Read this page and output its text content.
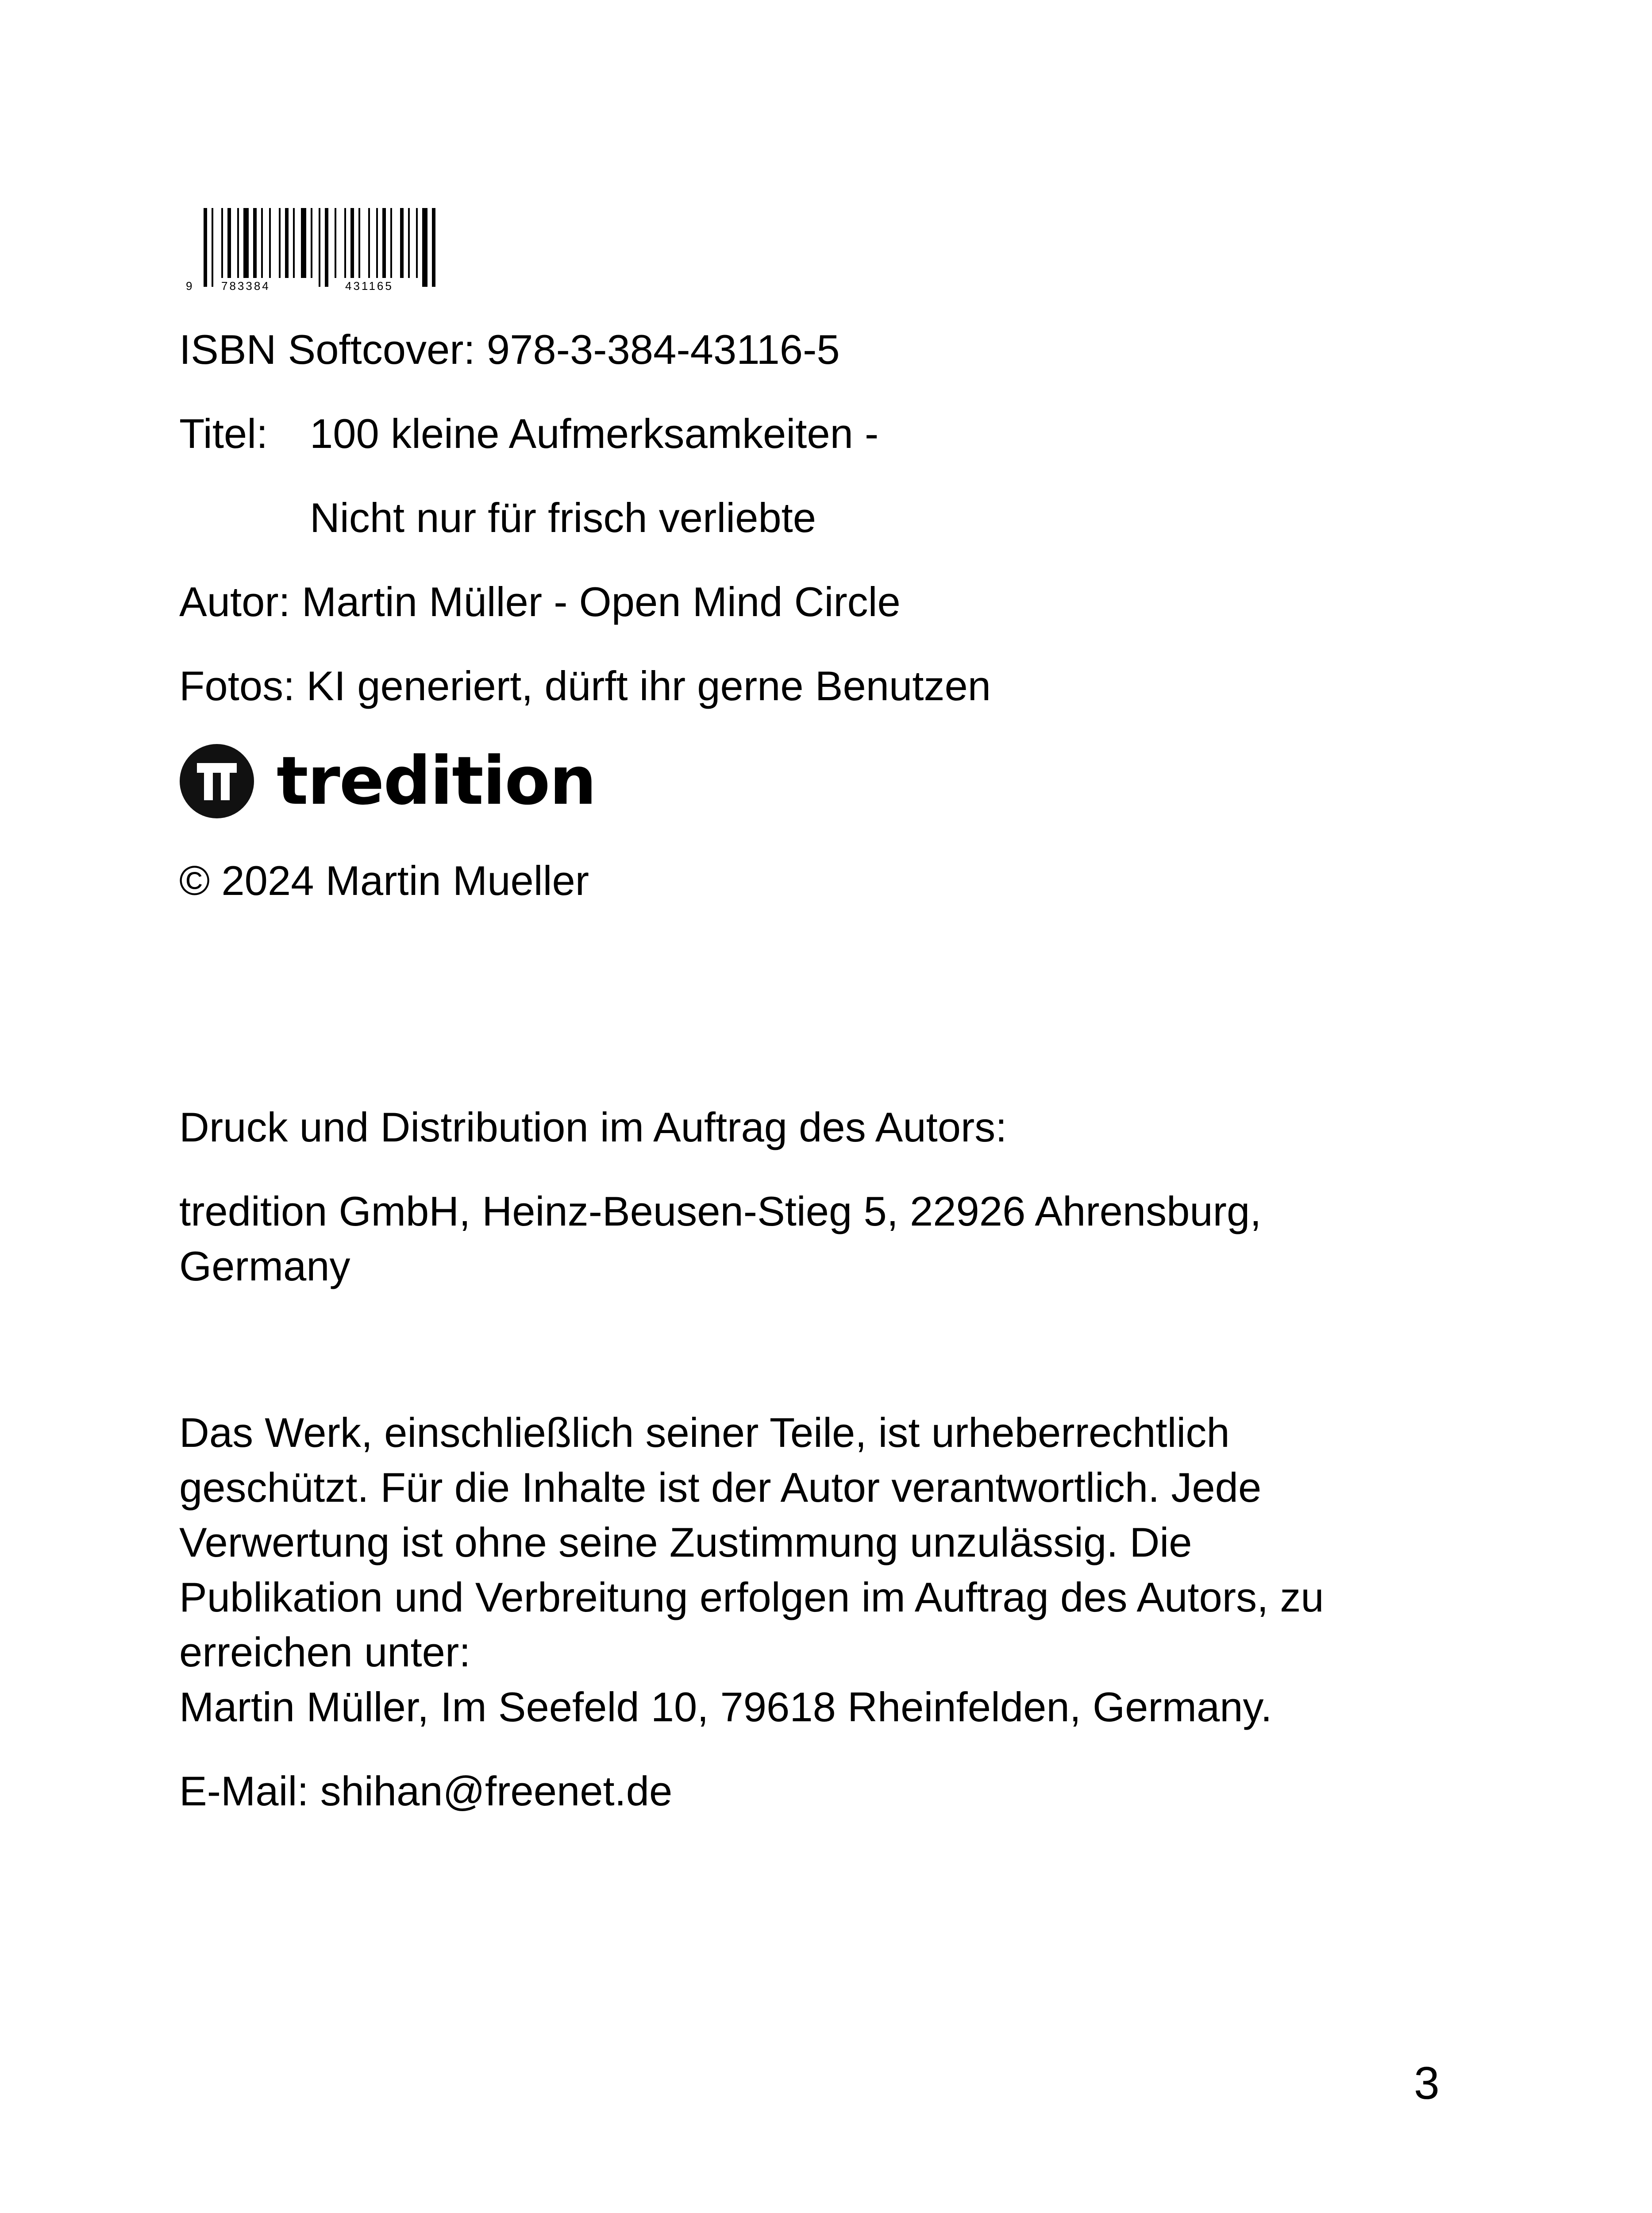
9	783384	431165
ISBN Softcover: 978-3-384-43116-5
Titel: 100 kleine Aufmerksamkeiten -
Nicht nur für frisch verliebte
Autor: Martin Müller - Open Mind Circle
Fotos: KI generiert, dürft ihr gerne Benutzen
tredition
© 2024 Martin Mueller
Druck und Distribution im Auftrag des Autors:
tredition GmbH, Heinz-Beusen-Stieg 5, 22926 Ahrensburg,
Germany
Das Werk, einschließlich seiner Teile, ist urheberrechtlich
geschützt. Für die Inhalte ist der Autor verantwortlich. Jede
Verwertung ist ohne seine Zustimmung unzulässig. Die
Publikation und Verbreitung erfolgen im Auftrag des Autors, zu
erreichen unter:
Martin Müller, Im Seefeld 10, 79618 Rheinfelden, Germany.
E-Mail: shihan@freenet.de
3
